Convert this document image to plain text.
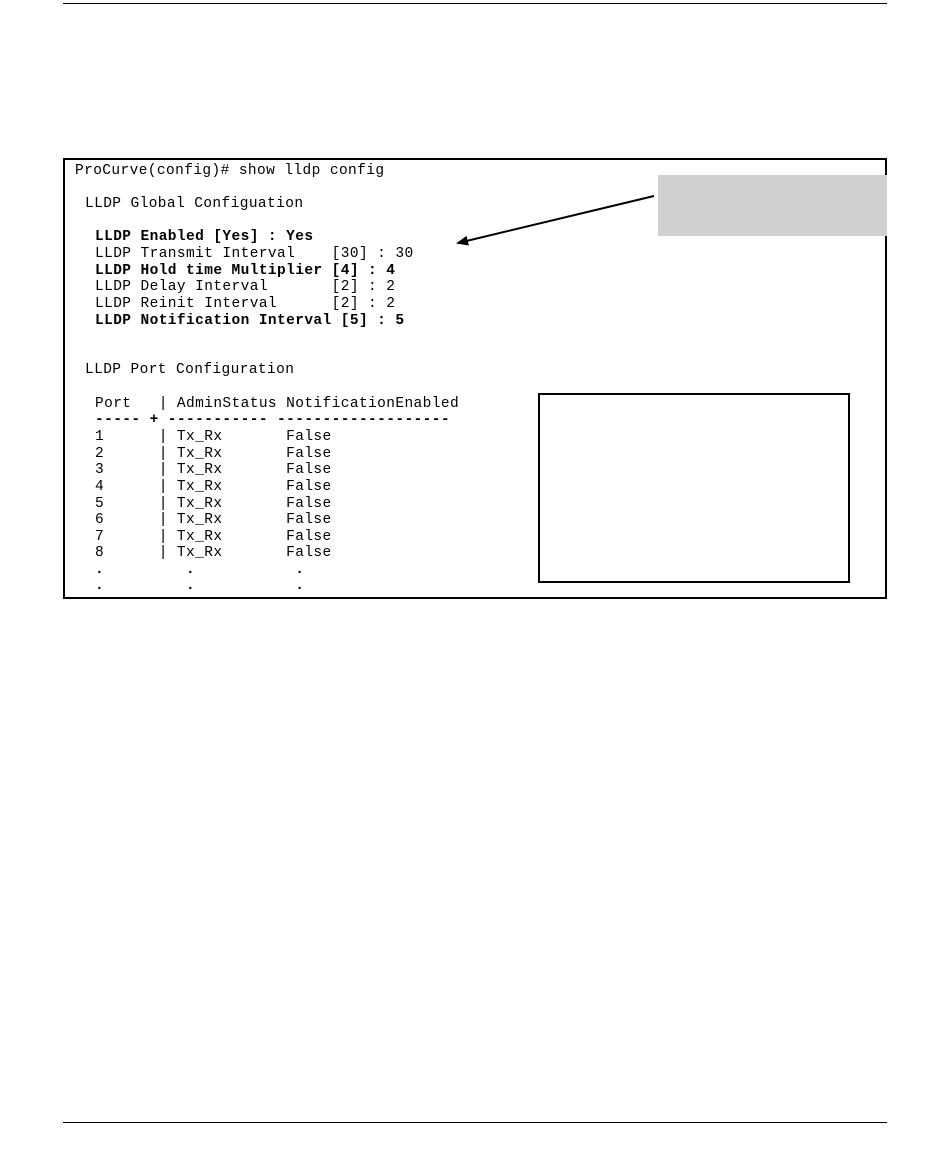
ProCurve(config)# show lldp config
LLDP Global Configuation
LLDP Enabled [Yes] : Yes
LLDP Transmit Interval    [30] : 30
LLDP Hold time Multiplier [4] : 4
LLDP Delay Interval       [2] : 2
LLDP Reinit Interval      [2] : 2
LLDP Notification Interval [5] : 5
LLDP Port Configuration
Port   | AdminStatus NotificationEnabled
----- + ----------- -------------------
1      | Tx_Rx       False
2      | Tx_Rx       False
3      | Tx_Rx       False
4      | Tx_Rx       False
5      | Tx_Rx       False
6      | Tx_Rx       False
7      | Tx_Rx       False
8      | Tx_Rx       False
.         .           .
.         .           .
